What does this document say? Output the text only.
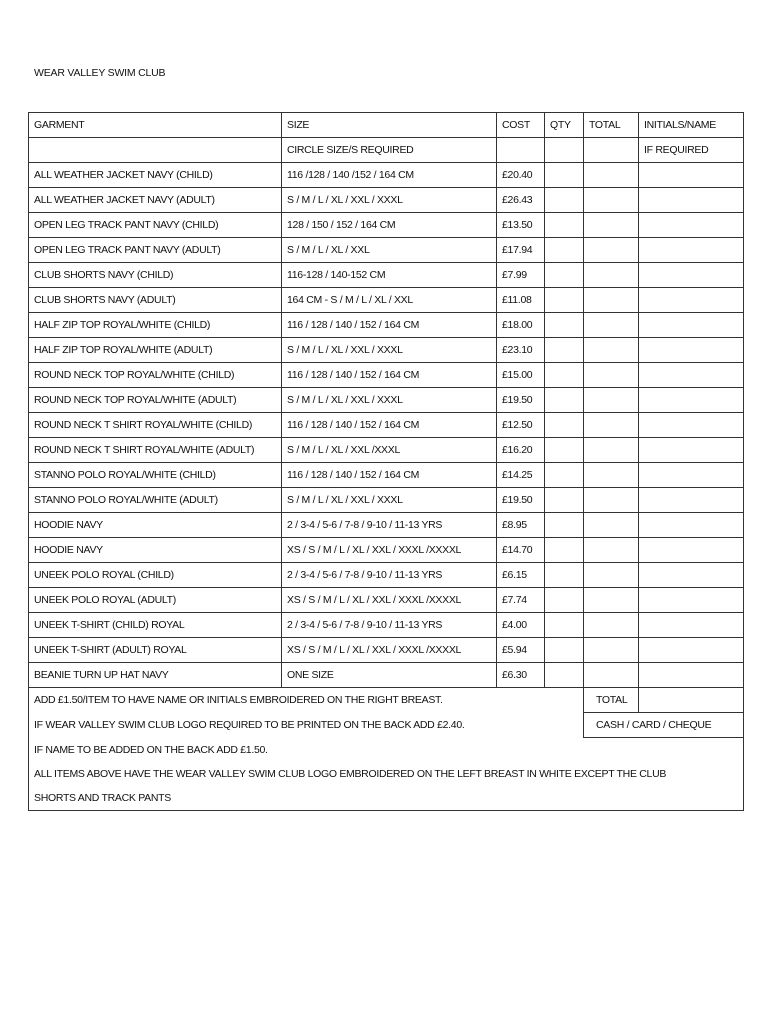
WEAR VALLEY SWIM CLUB
GARMENT	SIZE	COST	QTY	TOTAL	INITIALS/NAME
	CIRCLE SIZE/S REQUIRED				IF REQUIRED
ALL WEATHER JACKET NAVY (CHILD)	116 /128 / 140 /152 / 164 CM	£20.40			
ALL WEATHER JACKET NAVY (ADULT)	S / M / L / XL / XXL / XXXL	£26.43			
OPEN LEG TRACK PANT NAVY (CHILD)	128 / 150 / 152 / 164 CM	£13.50			
OPEN LEG TRACK PANT NAVY (ADULT)	S / M / L / XL / XXL	£17.94			
CLUB SHORTS NAVY (CHILD)	116-128 / 140-152 CM	£7.99			
CLUB SHORTS NAVY (ADULT)	164 CM - S / M / L / XL / XXL	£11.08			
HALF ZIP TOP ROYAL/WHITE (CHILD)	116 / 128 / 140 / 152 / 164 CM	£18.00			
HALF ZIP TOP ROYAL/WHITE (ADULT)	S / M / L / XL / XXL / XXXL	£23.10			
ROUND NECK TOP ROYAL/WHITE (CHILD)	116 / 128 / 140 / 152 / 164 CM	£15.00			
ROUND NECK TOP ROYAL/WHITE (ADULT)	S / M / L / XL / XXL / XXXL	£19.50			
ROUND NECK T SHIRT ROYAL/WHITE (CHILD)	116 / 128 / 140 / 152 / 164 CM	£12.50			
ROUND NECK T SHIRT ROYAL/WHITE (ADULT)	S / M / L / XL / XXL /XXXL	£16.20			
STANNO POLO ROYAL/WHITE (CHILD)	116 / 128 / 140 / 152 / 164 CM	£14.25			
STANNO POLO ROYAL/WHITE (ADULT)	S / M / L / XL / XXL / XXXL	£19.50			
HOODIE NAVY	2 / 3-4 / 5-6 / 7-8 / 9-10 / 11-13 YRS	£8.95			
HOODIE NAVY	XS / S / M / L / XL / XXL / XXXL /XXXXL	£14.70			
UNEEK POLO ROYAL (CHILD)	2 / 3-4 / 5-6 / 7-8 / 9-10 / 11-13 YRS	£6.15			
UNEEK POLO ROYAL (ADULT)	XS / S / M / L / XL / XXL / XXXL /XXXXL	£7.74			
UNEEK T-SHIRT (CHILD) ROYAL	2 / 3-4 / 5-6 / 7-8 / 9-10 / 11-13 YRS	£4.00			
UNEEK T-SHIRT (ADULT) ROYAL	XS / S / M / L / XL / XXL / XXXL /XXXXL	£5.94			
BEANIE TURN UP HAT NAVY	ONE SIZE	£6.30			
ADD £1.50/ITEM TO HAVE NAME OR INITIALS EMBROIDERED ON THE RIGHT BREAST.				TOTAL	
IF WEAR VALLEY SWIM CLUB LOGO REQUIRED TO BE PRINTED ON THE BACK ADD £2.40.				CASH / CARD / CHEQUE	
IF NAME TO BE ADDED ON THE BACK ADD £1.50.					
ALL ITEMS ABOVE HAVE THE WEAR VALLEY SWIM CLUB LOGO EMBROIDERED ON THE LEFT BREAST IN WHITE EXCEPT THE CLUB					
SHORTS AND TRACK PANTS					
